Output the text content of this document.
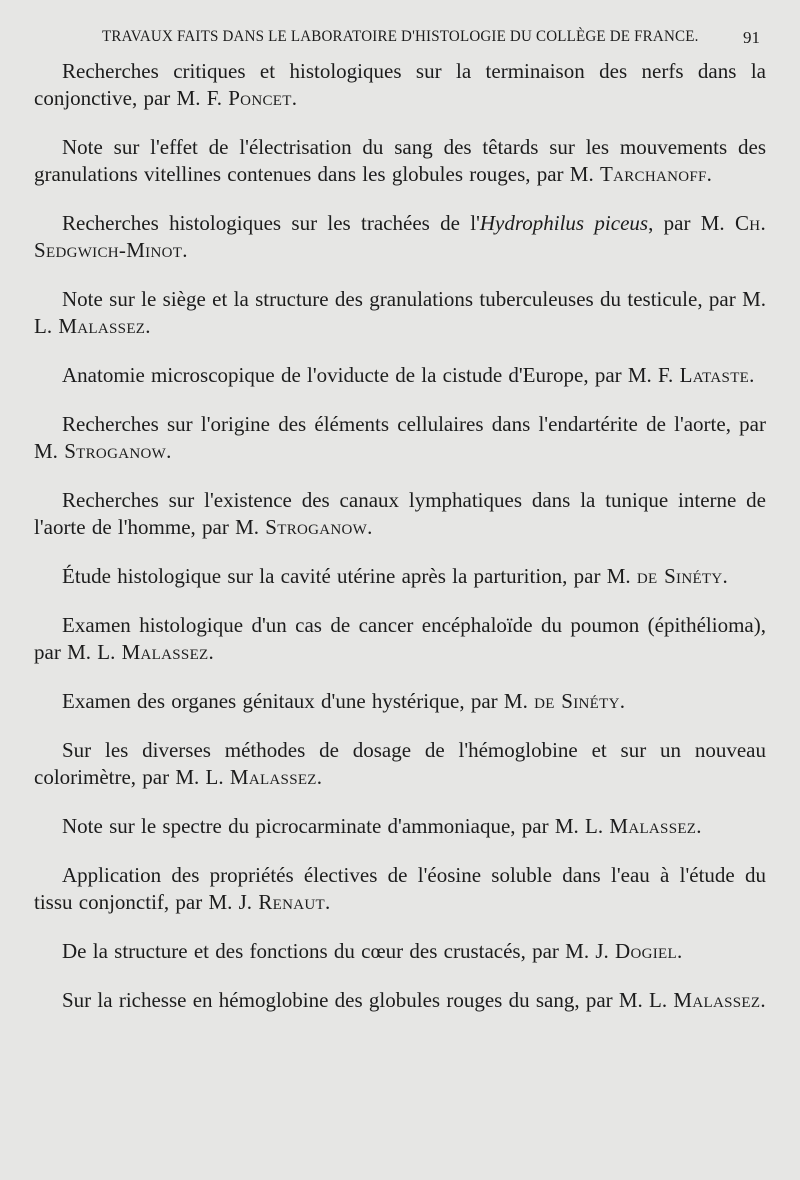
TRAVAUX FAITS DANS LE LABORATOIRE D'HISTOLOGIE DU COLLÈGE DE FRANCE.	91
Recherches critiques et histologiques sur la terminaison des nerfs dans la conjonctive, par M. F. Poncet.
Note sur l'effet de l'électrisation du sang des têtards sur les mouvements des granulations vitellines contenues dans les globules rouges, par M. Tarchanoff.
Recherches histologiques sur les trachées de l'Hydrophilus piceus, par M. Ch. Sedgwich-Minot.
Note sur le siège et la structure des granulations tuberculeuses du testicule, par M. L. Malassez.
Anatomie microscopique de l'oviducte de la cistude d'Europe, par M. F. Lataste.
Recherches sur l'origine des éléments cellulaires dans l'endartérite de l'aorte, par M. Stroganow.
Recherches sur l'existence des canaux lymphatiques dans la tunique interne de l'aorte de l'homme, par M. Stroganow.
Étude histologique sur la cavité utérine après la parturition, par M. de Sinéty.
Examen histologique d'un cas de cancer encéphaloïde du poumon (épithélioma), par M. L. Malassez.
Examen des organes génitaux d'une hystérique, par M. de Sinéty.
Sur les diverses méthodes de dosage de l'hémoglobine et sur un nouveau colorimètre, par M. L. Malassez.
Note sur le spectre du picrocarminate d'ammoniaque, par M. L. Malassez.
Application des propriétés électives de l'éosine soluble dans l'eau à l'étude du tissu conjonctif, par M. J. Renaut.
De la structure et des fonctions du cœur des crustacés, par M. J. Dogiel.
Sur la richesse en hémoglobine des globules rouges du sang, par M. L. Malassez.
